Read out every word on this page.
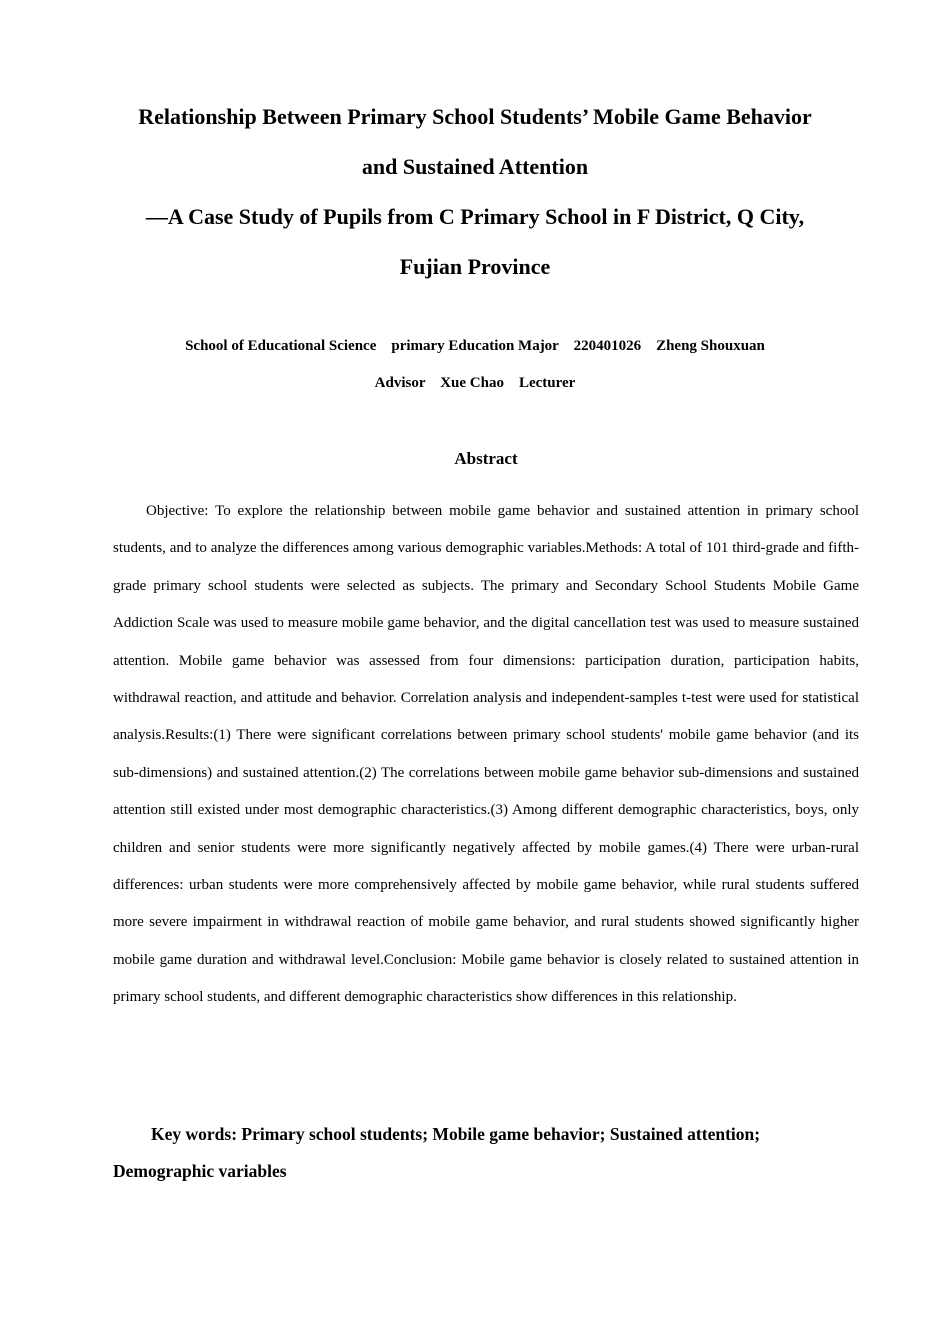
Relationship Between Primary School Students’ Mobile Game Behavior
and Sustained Attention
—A Case Study of Pupils from C Primary School in F District, Q City,
Fujian Province
School of Educational Science primary Education Major 220401026 Zheng Shouxuan
Advisor Xue Chao Lecturer
Abstract

Objective: To explore the relationship between mobile game behavior and sustained attention in primary school students, and to analyze the differences among various demographic variables.Methods: A total of 101 third-grade and fifth-grade primary school students were selected as subjects. The primary and Secondary School Students Mobile Game Addiction Scale was used to measure mobile game behavior, and the digital cancellation test was used to measure sustained attention. Mobile game behavior was assessed from four dimensions: participation duration, participation habits, withdrawal reaction, and attitude and behavior. Correlation analysis and independent-samples t-test were used for statistical analysis.Results:(1) There were significant correlations between primary school students' mobile game behavior (and its sub-dimensions) and sustained attention.(2) The correlations between mobile game behavior sub-dimensions and sustained attention still existed under most demographic characteristics.(3) Among different demographic characteristics, boys, only children and senior students were more significantly negatively affected by mobile games.(4) There were urban-rural differences: urban students were more comprehensively affected by mobile game behavior, while rural students suffered more severe impairment in withdrawal reaction of mobile game behavior, and rural students showed significantly higher mobile game duration and withdrawal level.Conclusion: Mobile game behavior is closely related to sustained attention in primary school students, and different demographic characteristics show differences in this relationship.

Key words: Primary school students; Mobile game behavior; Sustained attention; Demographic variables
